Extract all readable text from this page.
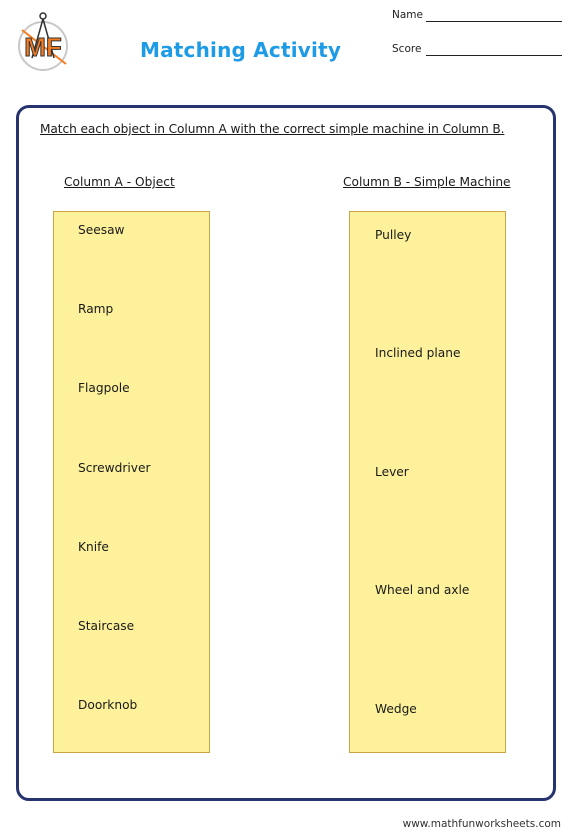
MF	Matching Activity
Name
Score
Match each object in Column A with the correct simple machine in Column B.
Column A - Object	Column B - Simple Machine
Seesaw
Ramp
Flagpole
Screwdriver
Knife
Staircase
Doorknob
Pulley
Inclined plane
Lever
Wheel and axle
Wedge
www.mathfunworksheets.com
